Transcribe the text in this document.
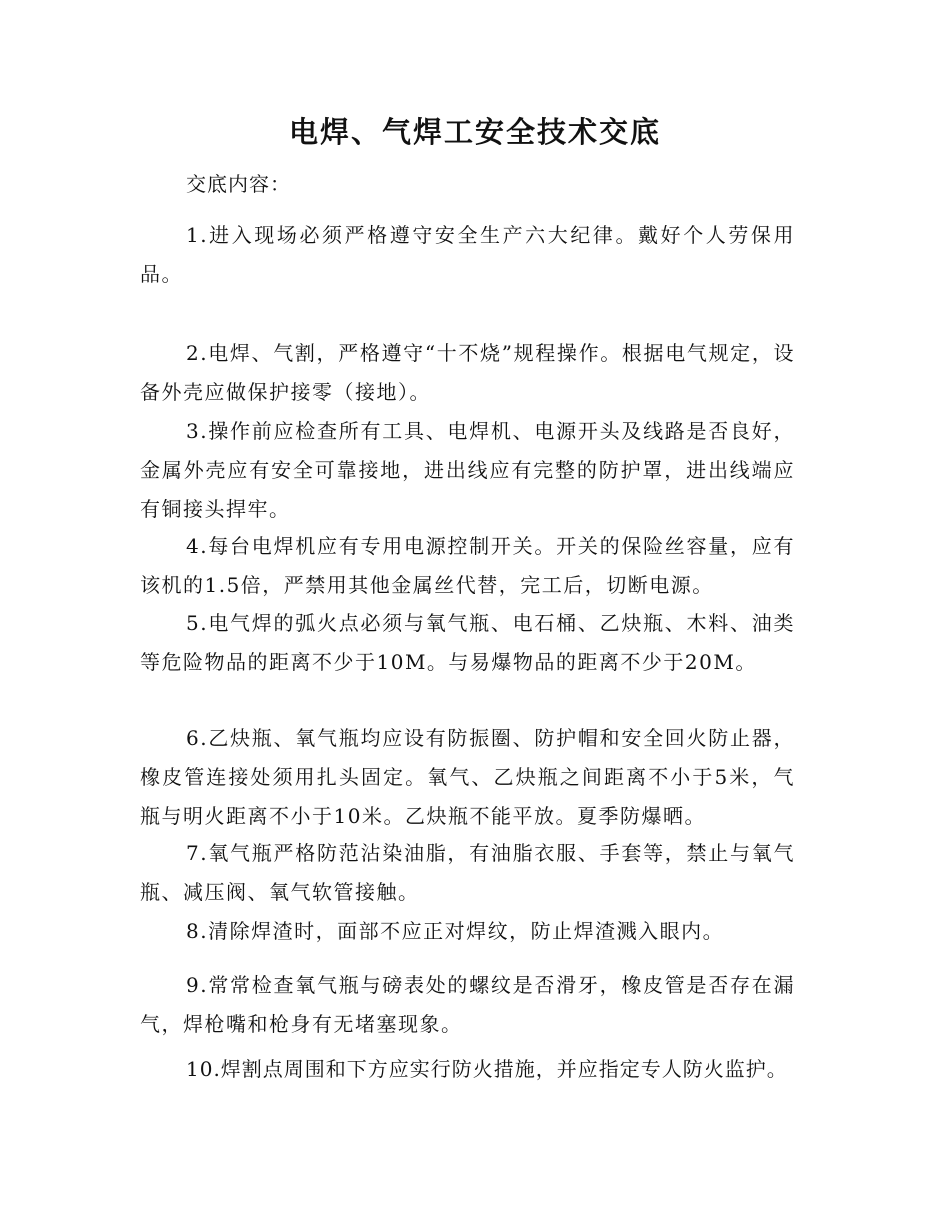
电焊、气焊工安全技术交底
交底内容：
1.进入现场必须严格遵守安全生产六大纪律。戴好个人劳保用品。
2.电焊、气割，严格遵守“十不烧”规程操作。根据电气规定，设备外壳应做保护接零（接地）。
3.操作前应检查所有工具、电焊机、电源开头及线路是否良好，金属外壳应有安全可靠接地，进出线应有完整的防护罩，进出线端应有铜接头捍牢。
4.每台电焊机应有专用电源控制开关。开关的保险丝容量，应有该机的1.5倍，严禁用其他金属丝代替，完工后，切断电源。
5.电气焊的弧火点必须与氧气瓶、电石桶、乙炔瓶、木料、油类等危险物品的距离不少于10M。与易爆物品的距离不少于20M。
6.乙炔瓶、氧气瓶均应设有防振圈、防护帽和安全回火防止器，橡皮管连接处须用扎头固定。氧气、乙炔瓶之间距离不小于5米，气瓶与明火距离不小于10米。乙炔瓶不能平放。夏季防爆晒。
7.氧气瓶严格防范沾染油脂，有油脂衣服、手套等，禁止与氧气瓶、减压阀、氧气软管接触。
8.清除焊渣时，面部不应正对焊纹，防止焊渣溅入眼内。
9.常常检查氧气瓶与磅表处的螺纹是否滑牙，橡皮管是否存在漏气，焊枪嘴和枪身有无堵塞现象。
10.焊割点周围和下方应实行防火措施，并应指定专人防火监护。
